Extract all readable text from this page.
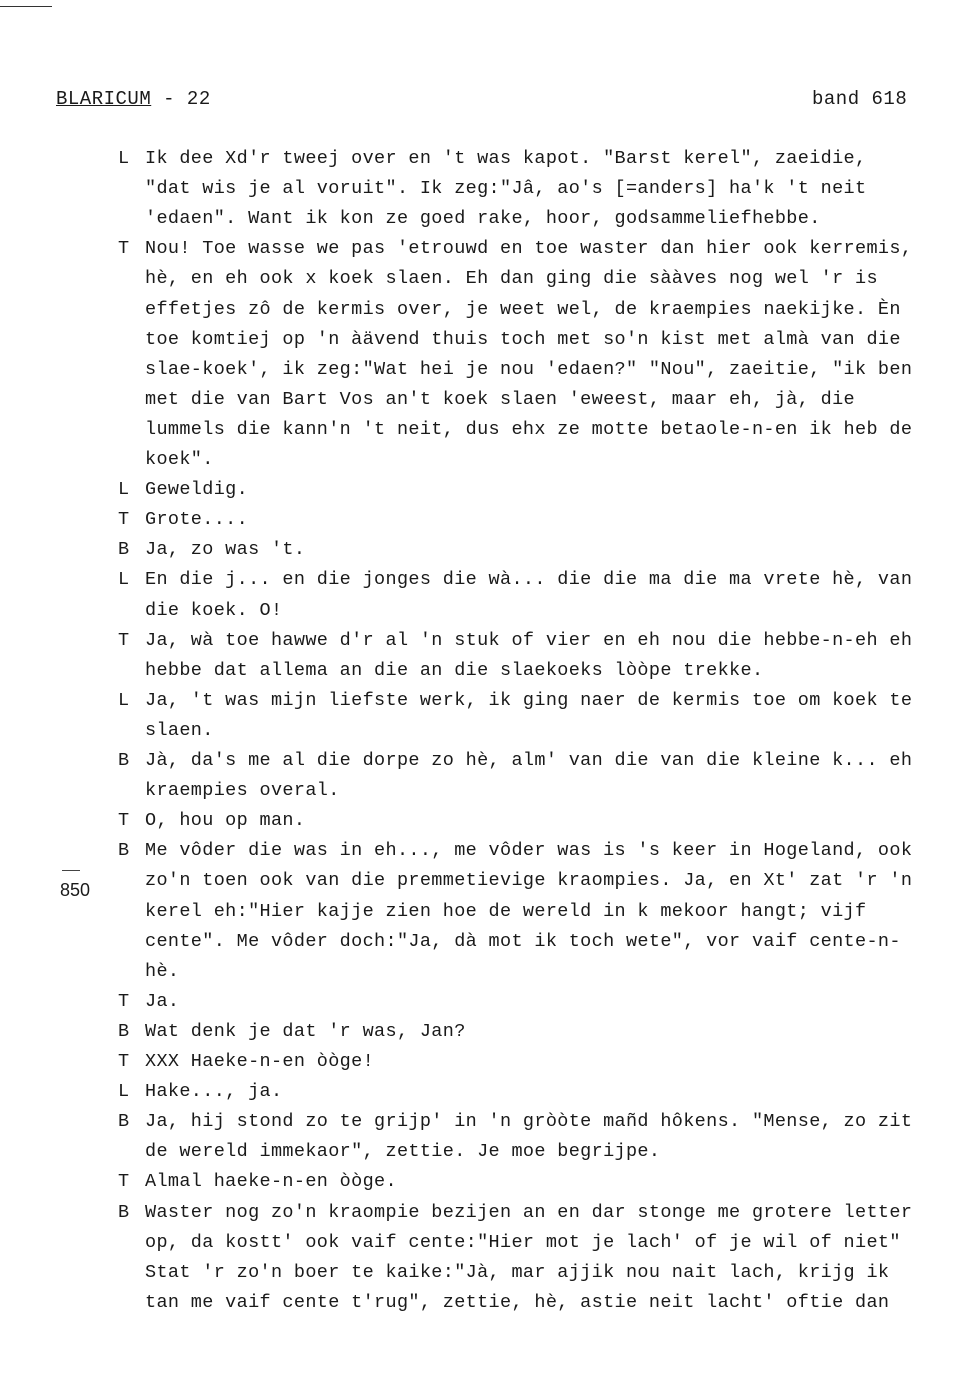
BLARICUM - 22	band 618
850
L Ik dee Xd'r tweej over en 't was kapot. "Barst kerel", zaeidie,
"dat wis je al voruit". Ik zeg:"Jâ, ao's [=anders] ha'k 't neit
'edaen". Want ik kon ze goed rake, hoor, godsammeliefhebbe.
T Nou! Toe wasse we pas 'etrouwd en toe waster dan hier ook kerremis,
hè, en eh ook x koek slaen. Eh dan ging die sààves nog wel 'r is
effetjes zô de kermis over, je weet wel, de kraempies naekijke. Èn
toe komtiej op 'n àävend thuis toch met so'n kist met almà van die
slae-koek', ik zeg:"Wat hei je nou 'edaen?" "Nou", zaeitie, "ik ben
met die van Bart Vos an't koek slaen 'eweest, maar eh, jà, die
lummels die kann'n 't neit, dus ehx ze motte betaole-n-en ik heb de
koek".
L Geweldig.
T Grote....
B Ja, zo was 't.
L En die j... en die jonges die wà... die die ma die ma vrete hè, van
die koek. O!
T Ja, wà toe hawwe d'r al 'n stuk of vier en eh nou die hebbe-n-eh eh
hebbe dat allema an die an die slaekoeks lòòpe trekke.
L Ja, 't was mijn liefste werk, ik ging naer de kermis toe om koek te
slaen.
B Jà, da's me al die dorpe zo hè, alm' van die van die kleine k... eh
kraempies overal.
T O, hou op man.
B Me vôder die was in eh..., me vôder was is 's keer in Hogeland, ook
zo'n toen ook van die premmetievige kraompies. Ja, en Xt' zat 'r 'n
kerel eh:"Hier kajje zien hoe de wereld in k mekoor hangt; vijf
cente". Me vôder doch:"Ja, dà mot ik toch wete", vor vaif cente-n-
hè.
T Ja.
B Wat denk je dat 'r was, Jan?
T XXX Haeke-n-en òòge!
L Hake..., ja.
B Ja, hij stond zo te grijp' in 'n gròòte mañd hôkens. "Mense, zo zit
de wereld immekaor", zettie. Je moe begrijpe.
T Almal haeke-n-en òòge.
B Waster nog zo'n kraompie bezijen an en dar stonge me grotere letter
op, da kostt' ook vaif cente:"Hier mot je lach' of je wil of niet"
Stat 'r zo'n boer te kaike:"Jà, mar ajjik nou nait lach, krijg ik
tan me vaif cente t'rug", zettie, hè, astie neit lacht' oftie dan
